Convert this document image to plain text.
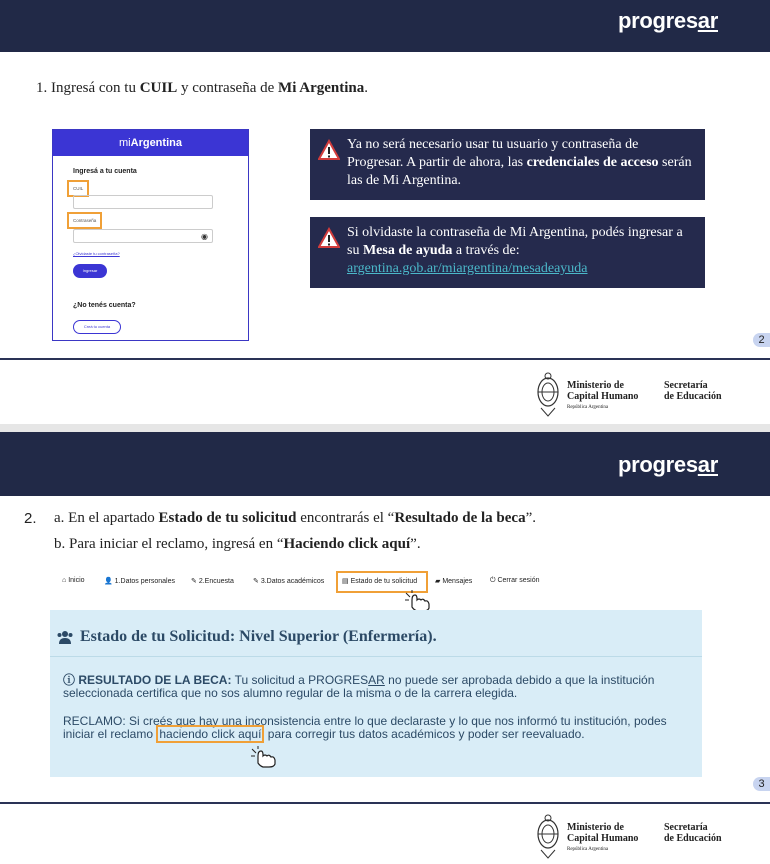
progresar
1. Ingresá con tu CUIL y contraseña de Mi Argentina.
miArgentina
Ingresá a tu cuenta
CUIL
Contraseña
◉
¿Olvidaste tu contraseña?
Ingresar
¿No tenés cuenta?
Creá tu cuenta
Ya no será necesario usar tu usuario y contraseña de Progresar. A partir de ahora, las credenciales de acceso serán las de Mi Argentina.
Si olvidaste la contraseña de Mi Argentina, podés ingresar a su Mesa de ayuda a través de: argentina.gob.ar/miargentina/mesadeayuda
2
Ministerio de
Capital Humano
República Argentina
Secretaría
de Educación
progresar
2. a. En el apartado Estado de tu solicitud encontrarás el “Resultado de la beca”.
b. Para iniciar el reclamo, ingresá en “Haciendo click aquí”.
⌂ Inicio	👤 1.Datos personales ✎ 2.Encuesta	✎ 3.Datos académicos	▤ Estado de tu solicitud	▰ Mensajes	⏻ Cerrar sesión
Estado de tu Solicitud: Nivel Superior (Enfermería).

ⓘ RESULTADO DE LA BECA: Tu solicitud a PROGRESAR no puede ser aprobada debido a que la institución seleccionada certifica que no sos alumno regular de la misma o de la carrera elegida.

RECLAMO: Si creés que hay una inconsistencia entre lo que declaraste y lo que nos informó tu institución, podes iniciar el reclamo haciendo click aquí para corregir tus datos académicos y poder ser reevaluado.

3
Ministerio de
Capital Humano
República Argentina
Secretaría
de Educación
